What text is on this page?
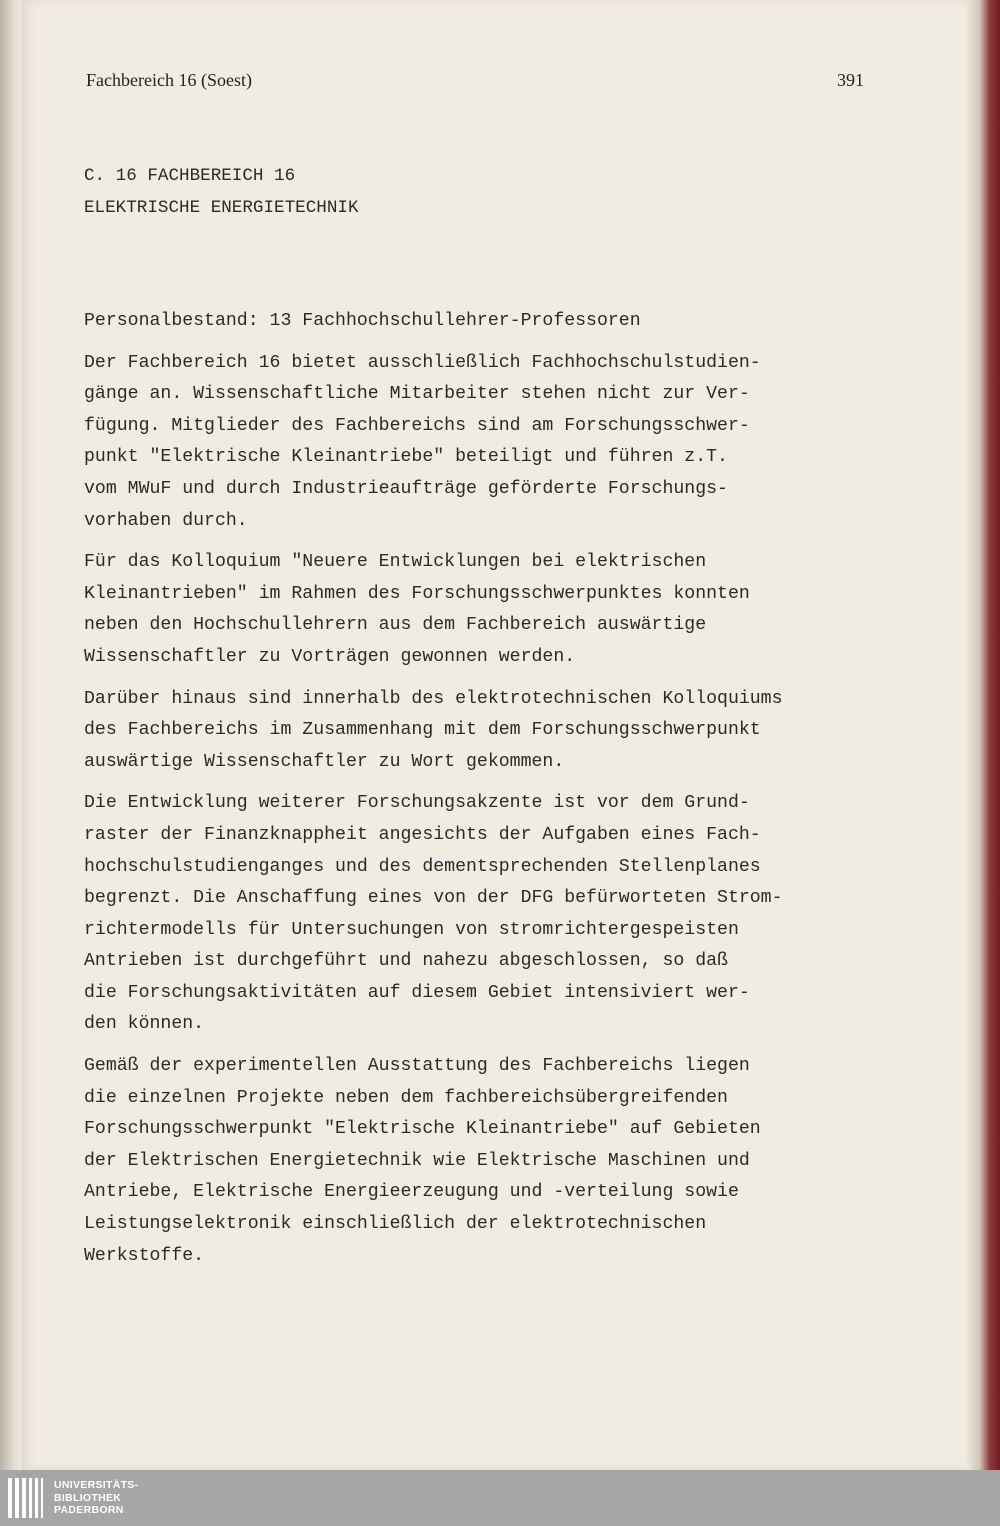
Fachbereich 16 (Soest)	391
C. 16 FACHBEREICH 16
ELEKTRISCHE ENERGIETECHNIK

Personalbestand: 13 Fachhochschullehrer-Professoren

Der Fachbereich 16 bietet ausschließlich Fachhochschulstudien-
gänge an. Wissenschaftliche Mitarbeiter stehen nicht zur Ver-
fügung. Mitglieder des Fachbereichs sind am Forschungsschwer-
punkt "Elektrische Kleinantriebe" beteiligt und führen z.T.
vom MWuF und durch Industrieaufträge geförderte Forschungs-
vorhaben durch.

Für das Kolloquium "Neuere Entwicklungen bei elektrischen
Kleinantrieben" im Rahmen des Forschungsschwerpunktes konnten
neben den Hochschullehrern aus dem Fachbereich auswärtige
Wissenschaftler zu Vorträgen gewonnen werden.

Darüber hinaus sind innerhalb des elektrotechnischen Kolloquiums
des Fachbereichs im Zusammenhang mit dem Forschungsschwerpunkt
auswärtige Wissenschaftler zu Wort gekommen.

Die Entwicklung weiterer Forschungsakzente ist vor dem Grund-
raster der Finanzknappheit angesichts der Aufgaben eines Fach-
hochschulstudienganges und des dementsprechenden Stellenplanes
begrenzt. Die Anschaffung eines von der DFG befürworteten Strom-
richtermodells für Untersuchungen von stromrichtergespeisten
Antrieben ist durchgeführt und nahezu abgeschlossen, so daß
die Forschungsaktivitäten auf diesem Gebiet intensiviert wer-
den können.

Gemäß der experimentellen Ausstattung des Fachbereichs liegen
die einzelnen Projekte neben dem fachbereichsübergreifenden
Forschungsschwerpunkt "Elektrische Kleinantriebe" auf Gebieten
der Elektrischen Energietechnik wie Elektrische Maschinen und
Antriebe, Elektrische Energieerzeugung und -verteilung sowie
Leistungselektronik einschließlich der elektrotechnischen
Werkstoffe.

UNIVERSITÄTS-
BIBLIOTHEK
PADERBORN
